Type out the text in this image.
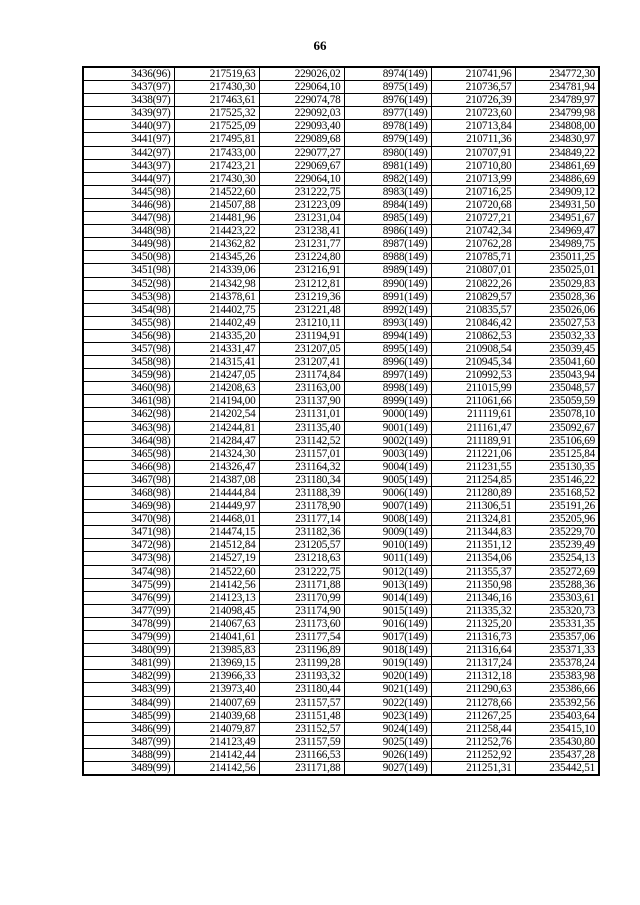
66
3436(96)	217519,63	229026,02	8974(149)	210741,96	234772,30
3437(97)	217430,30	229064,10	8975(149)	210736,57	234781,94
3438(97)	217463,61	229074,78	8976(149)	210726,39	234789,97
3439(97)	217525,32	229092,03	8977(149)	210723,60	234799,98
3440(97)	217525,09	229093,40	8978(149)	210713,84	234808,00
3441(97)	217495,81	229089,68	8979(149)	210711,36	234830,97
3442(97)	217433,00	229077,27	8980(149)	210707,91	234849,22
3443(97)	217423,21	229069,67	8981(149)	210710,80	234861,69
3444(97)	217430,30	229064,10	8982(149)	210713,99	234886,69
3445(98)	214522,60	231222,75	8983(149)	210716,25	234909,12
3446(98)	214507,88	231223,09	8984(149)	210720,68	234931,50
3447(98)	214481,96	231231,04	8985(149)	210727,21	234951,67
3448(98)	214423,22	231238,41	8986(149)	210742,34	234969,47
3449(98)	214362,82	231231,77	8987(149)	210762,28	234989,75
3450(98)	214345,26	231224,80	8988(149)	210785,71	235011,25
3451(98)	214339,06	231216,91	8989(149)	210807,01	235025,01
3452(98)	214342,98	231212,81	8990(149)	210822,26	235029,83
3453(98)	214378,61	231219,36	8991(149)	210829,57	235028,36
3454(98)	214402,75	231221,48	8992(149)	210835,57	235026,06
3455(98)	214402,49	231210,11	8993(149)	210846,42	235027,53
3456(98)	214335,20	231194,91	8994(149)	210862,53	235032,33
3457(98)	214331,47	231207,05	8995(149)	210908,54	235039,45
3458(98)	214315,41	231207,41	8996(149)	210945,34	235041,60
3459(98)	214247,05	231174,84	8997(149)	210992,53	235043,94
3460(98)	214208,63	231163,00	8998(149)	211015,99	235048,57
3461(98)	214194,00	231137,90	8999(149)	211061,66	235059,59
3462(98)	214202,54	231131,01	9000(149)	211119,61	235078,10
3463(98)	214244,81	231135,40	9001(149)	211161,47	235092,67
3464(98)	214284,47	231142,52	9002(149)	211189,91	235106,69
3465(98)	214324,30	231157,01	9003(149)	211221,06	235125,84
3466(98)	214326,47	231164,32	9004(149)	211231,55	235130,35
3467(98)	214387,08	231180,34	9005(149)	211254,85	235146,22
3468(98)	214444,84	231188,39	9006(149)	211280,89	235168,52
3469(98)	214449,97	231178,90	9007(149)	211306,51	235191,26
3470(98)	214468,01	231177,14	9008(149)	211324,81	235205,96
3471(98)	214474,15	231182,36	9009(149)	211344,83	235229,70
3472(98)	214512,84	231205,57	9010(149)	211351,12	235239,49
3473(98)	214527,19	231218,63	9011(149)	211354,06	235254,13
3474(98)	214522,60	231222,75	9012(149)	211355,37	235272,69
3475(99)	214142,56	231171,88	9013(149)	211350,98	235288,36
3476(99)	214123,13	231170,99	9014(149)	211346,16	235303,61
3477(99)	214098,45	231174,90	9015(149)	211335,32	235320,73
3478(99)	214067,63	231173,60	9016(149)	211325,20	235331,35
3479(99)	214041,61	231177,54	9017(149)	211316,73	235357,06
3480(99)	213985,83	231196,89	9018(149)	211316,64	235371,33
3481(99)	213969,15	231199,28	9019(149)	211317,24	235378,24
3482(99)	213966,33	231193,32	9020(149)	211312,18	235383,98
3483(99)	213973,40	231180,44	9021(149)	211290,63	235386,66
3484(99)	214007,69	231157,57	9022(149)	211278,66	235392,56
3485(99)	214039,68	231151,48	9023(149)	211267,25	235403,64
3486(99)	214079,87	231152,57	9024(149)	211258,44	235415,10
3487(99)	214123,49	231157,59	9025(149)	211252,76	235430,80
3488(99)	214142,44	231166,53	9026(149)	211252,92	235437,28
3489(99)	214142,56	231171,88	9027(149)	211251,31	235442,51
